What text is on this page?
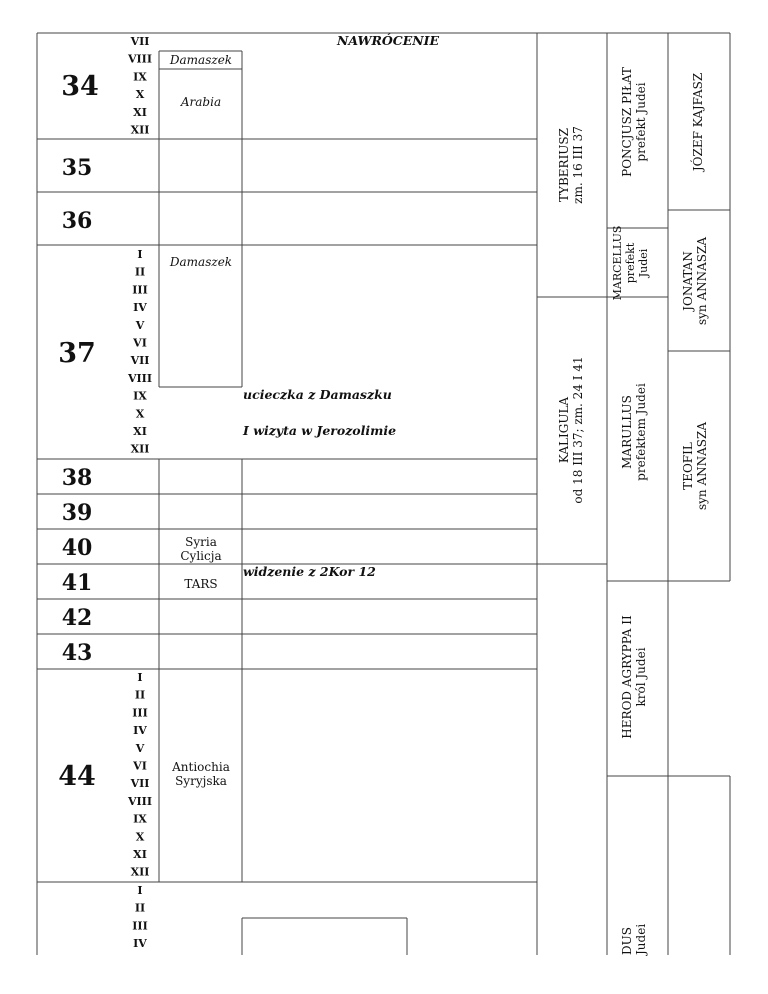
34
35
36
37
38
39
40
41
42
43
44
VII
VIII
IX
X
XI
XII
I
II
III
IV
V
VI
VII
VIII
IX
X
XI
XII
I
II
III
IV
V
VI
VII
VIII
IX
X
XI
XII
I
II
III
IV
Damaszek
Arabia
Damaszek
Syria
Cylicja
TARS
Antiochia
Syryjska
NAWRÓCENIE
ucieczka z Damaszku
I wizyta w Jerozolimie
widzenie z 2Kor 12
TYBERIUSZ zm. 16 III 37
KALIGULA od 18 III 37; zm. 24 I 41
PONCJUSZ PIŁAT prefekt Judei
MARCELLUS prefekt Judei
MARULLUS prefektem Judei
HEROD AGRYPPA II król Judei
DUS Judei
JÓZEF KAJFASZ
JONATAN syn ANNASZA
TEOFIL syn ANNASZA
